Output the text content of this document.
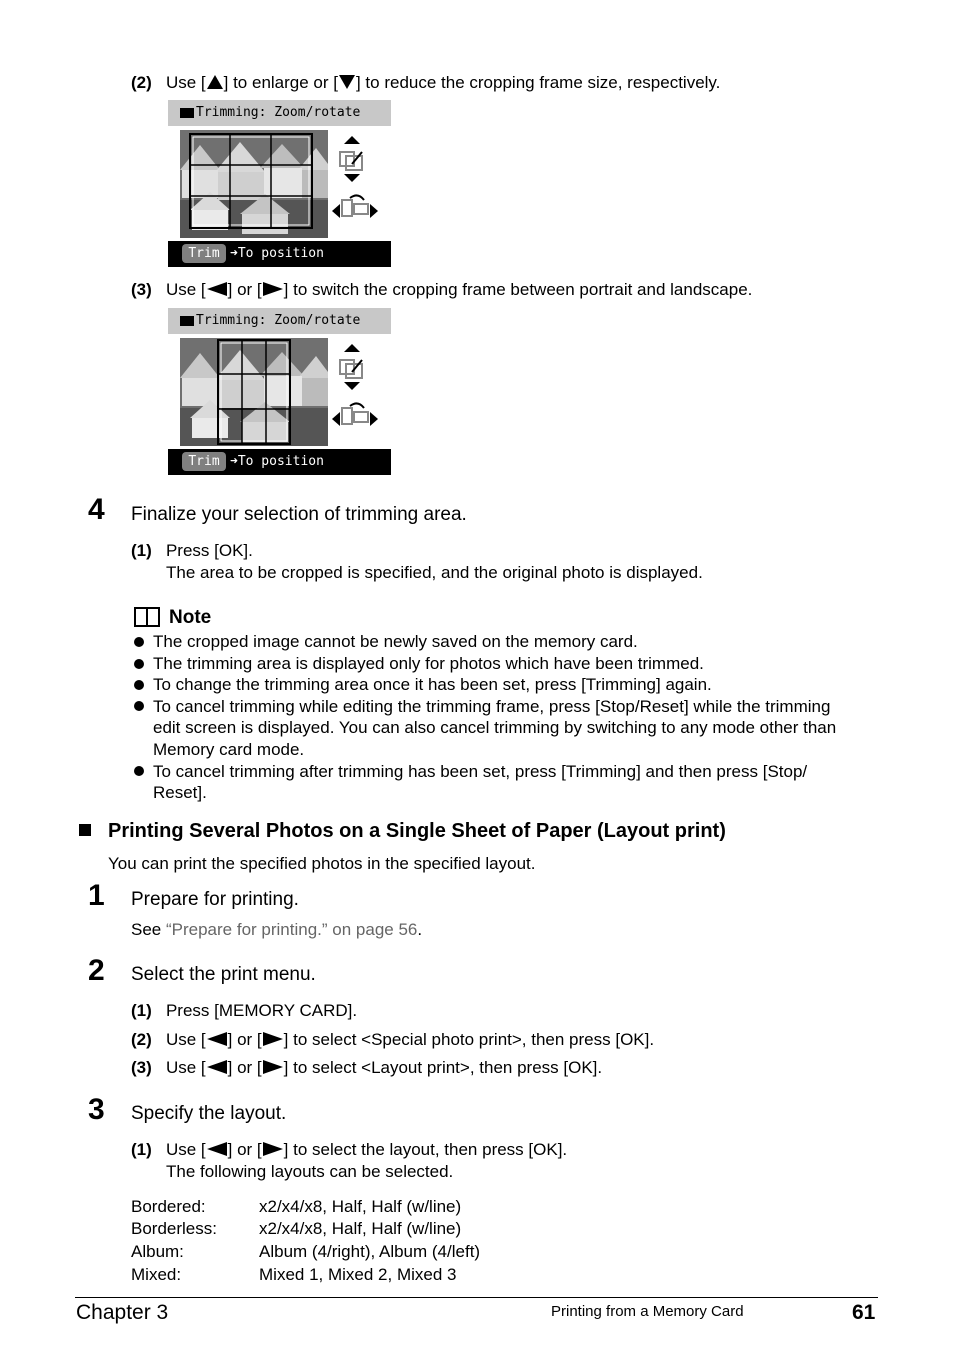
(2) Use [ ] to enlarge or [ ] to reduce the cropping frame size, respectively.
Trimming: Zoom/rotate
Trim ➜To position
(3) Use [ ] or [ ] to switch the cropping frame between portrait and landscape.
Trimming: Zoom/rotate
Trim ➜To position
4 Finalize your selection of trimming area.
(1) Press [OK].
The area to be cropped is specified, and the original photo is displayed.
Note
The cropped image cannot be newly saved on the memory card.
The trimming area is displayed only for photos which have been trimmed.
To change the trimming area once it has been set, press [Trimming] again.
To cancel trimming while editing the trimming frame, press [Stop/Reset] while the trimming
edit screen is displayed. You can also cancel trimming by switching to any mode other than
Memory card mode.
To cancel trimming after trimming has been set, press [Trimming] and then press [Stop/
Reset].
Printing Several Photos on a Single Sheet of Paper (Layout print)
You can print the specified photos in the specified layout.
1 Prepare for printing.
See “Prepare for printing.” on page 56.
2 Select the print menu.
(1) Press [MEMORY CARD].
(2) Use [ ] or [ ] to select <Special photo print>, then press [OK].
(3) Use [ ] or [ ] to select <Layout print>, then press [OK].
3 Specify the layout.
(1) Use [ ] or [ ] to select the layout, then press [OK].
The following layouts can be selected.
Bordered:	x2/x4/x8, Half, Half (w/line)
Borderless: x2/x4/x8, Half, Half (w/line)
Album:	Album (4/right), Album (4/left)
Mixed:	Mixed 1, Mixed 2, Mixed 3
Chapter 3	Printing from a Memory Card	61
